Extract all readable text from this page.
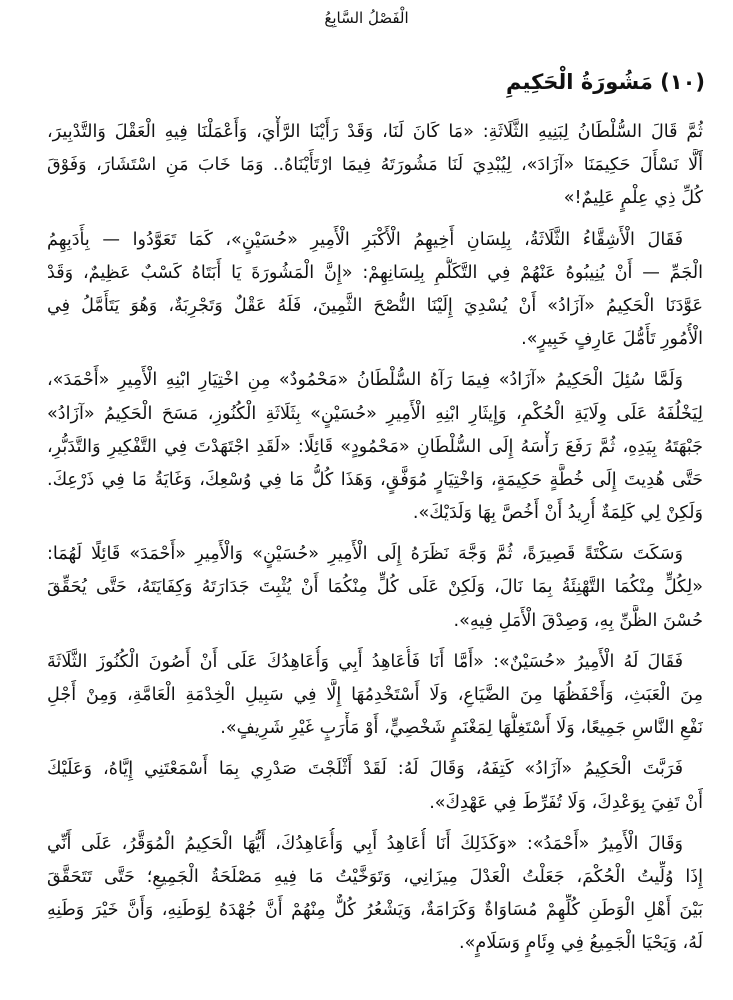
الْفَصْلُ السَّابِعُ
(١٠) مَشُورَةُ الْحَكِيمِ
ثُمَّ قَالَ السُّلْطَانُ لِبَنِيهِ الثَّلَاثَةِ: «مَا كَانَ لَنَا، وَقَدْ رَأَيْنَا الرَّأْيَ، وَأَعْمَلْنَا فِيهِ الْعَقْلَ وَالتَّدْبِيرَ،
أَلَّا نَسْأَلَ حَكِيمَنَا «آزَادَ»، لِيُبْدِيَ لَنَا مَشُورَتَهُ فِيمَا ارْتَأَيْنَاهُ.. وَمَا خَابَ مَنِ اسْتَشَارَ، وَفَوْقَ
كُلِّ ذِي عِلْمٍ عَلِيمٌ!»
فَقَالَ الْأَشِقَّاءُ الثَّلَاثَةُ، بِلِسَانِ أَخِيهِمُ الْأَكْبَرِ الْأَمِيرِ «حُسَيْنٍ»، كَمَا تَعَوَّدُوا — بِأَدَبِهِمُ
الْجَمِّ — أَنْ يُنِيبُوهُ عَنْهُمْ فِي التَّكَلُّمِ بِلِسَانِهِمْ: «إِنَّ الْمَشُورَةَ يَا أَبَتَاهُ كَسْبٌ عَظِيمٌ، وَقَدْ
عَوَّدَنَا الْحَكِيمُ «آزَادُ» أَنْ يُسْدِيَ إِلَيْنَا النُّصْحَ الثَّمِينَ، فَلَهُ عَقْلٌ وَتَجْرِبَةٌ، وَهُوَ يَتَأَمَّلُ فِي
الْأُمُورِ تَأَمُّلَ عَارِفٍ خَبِيرٍ».
وَلَمَّا سُئِلَ الْحَكِيمُ «آزَادُ» فِيمَا رَآهُ السُّلْطَانُ «مَحْمُودٌ» مِنِ اخْتِيَارِ ابْنِهِ الْأَمِيرِ «أَحْمَدَ»،
لِيَخْلُفَهُ عَلَى وِلَايَةِ الْحُكْمِ، وَإِيثَارِ ابْنِهِ الْأَمِيرِ «حُسَيْنٍ» بِثَلَاثَةِ الْكُنُوزِ، مَسَحَ الْحَكِيمُ «آزَادُ»
جَبْهَتَهُ بِيَدِهِ، ثُمَّ رَفَعَ رَأْسَهُ إِلَى السُّلْطَانِ «مَحْمُودٍ» قَائِلًا: «لَقَدِ اجْتَهَدْتَ فِي التَّفْكِيرِ وَالتَّدَبُّرِ،
حَتَّى هُدِيتَ إِلَى خُطَّةٍ حَكِيمَةٍ، وَاخْتِيَارٍ مُوَفَّقٍ، وَهَذَا كُلُّ مَا فِي وُسْعِكَ، وَغَايَةُ مَا فِي ذَرْعِكَ.
وَلَكِنْ لِي كَلِمَةٌ أُرِيدُ أَنْ أَخُصَّ بِهَا وَلَدَيْكَ».
وَسَكَتَ سَكْتَةً قَصِيرَةً، ثُمَّ وَجَّهَ نَظَرَهُ إِلَى الْأَمِيرِ «حُسَيْنٍ» وَالْأَمِيرِ «أَحْمَدَ» قَائِلًا لَهُمَا:
«لِكُلٍّ مِنْكُمَا التَّهْنِئَةُ بِمَا نَالَ، وَلَكِنْ عَلَى كُلٍّ مِنْكُمَا أَنْ يُثْبِتَ جَدَارَتَهُ وَكِفَايَتَهُ، حَتَّى يُحَقِّقَ
حُسْنَ الظَّنِّ بِهِ، وَصِدْقَ الْأَمَلِ فِيهِ».
فَقَالَ لَهُ الْأَمِيرُ «حُسَيْنٌ»: «أَمَّا أَنَا فَأُعَاهِدُ أَبِي وَأُعَاهِدُكَ عَلَى أَنْ أَصُونَ الْكُنُوزَ الثَّلَاثَةَ
مِنَ الْعَبَثِ، وَأَحْفَظُهَا مِنَ الضَّيَاعِ، وَلَا أَسْتَخْدِمُهَا إِلَّا فِي سَبِيلِ الْخِدْمَةِ الْعَامَّةِ، وَمِنْ أَجْلِ
نَفْعِ النَّاسِ جَمِيعًا، وَلَا أَسْتَغِلُّهَا لِمَغْنَمٍ شَخْصِيٍّ، أَوْ مَأْرَبٍ غَيْرِ شَرِيفٍ».
فَرَبَّتَ الْحَكِيمُ «آزَادُ» كَتِفَهُ، وَقَالَ لَهُ: لَقَدْ أَثْلَجْتَ صَدْرِي بِمَا أَسْمَعْتَنِي إِيَّاهُ، وَعَلَيْكَ
أَنْ تَفِيَ بِوَعْدِكَ، وَلَا تُفَرِّطَ فِي عَهْدِكَ».
وَقَالَ الْأَمِيرُ «أَحْمَدُ»: «وَكَذَلِكَ أَنَا أُعَاهِدُ أَبِي وَأُعَاهِدُكَ، أَيُّهَا الْحَكِيمُ الْمُوَقَّرُ، عَلَى أَنِّي
إِذَا وُلِّيتُ الْحُكْمَ، جَعَلْتُ الْعَدْلَ مِيزَانِي، وَتَوَخَّيْتُ مَا فِيهِ مَصْلَحَةُ الْجَمِيعِ؛ حَتَّى تَتَحَقَّقَ
بَيْنَ أَهْلِ الْوَطَنِ كُلِّهِمْ مُسَاوَاةٌ وَكَرَامَةٌ، وَيَشْعُرُ كُلٌّ مِنْهُمْ أَنَّ جُهْدَهُ لِوَطَنِهِ، وَأَنَّ خَيْرَ وَطَنِهِ
لَهُ، وَيَحْيَا الْجَمِيعُ فِي وِئَامٍ وَسَلَامٍ».
